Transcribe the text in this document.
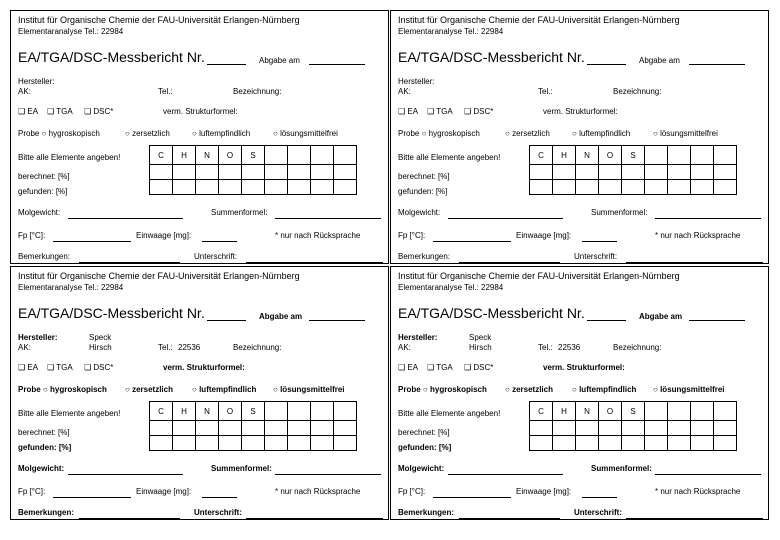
Institut für Organische Chemie der FAU-Universität Erlangen-Nürnberg
Elementaranalyse Tel.: 22984
EA/TGA/DSC-Messbericht Nr.	Abgabe am
Hersteller:
AK:	Tel.:	Bezeichnung:
❑ EA ❑ TGA ❑ DSC*	verm. Strukturformel:
Probe ○ hygroskopisch	○ zersetzlich	○ luftempfindlich	○ lösungsmittelfrei
Bitte alle Elemente angeben!	C	H	N	O	S				

berechnet: [%]
gefunden: [%]
Molgewicht:	Summenformel:
Fp [°C]:	Einwaage [mg]:	* nur nach Rücksprache
Bemerkungen:	Unterschrift:
Institut für Organische Chemie der FAU-Universität Erlangen-Nürnberg
Elementaranalyse Tel.: 22984
EA/TGA/DSC-Messbericht Nr.	Abgabe am
Hersteller:
AK:	Tel.:	Bezeichnung:
❑ EA ❑ TGA ❑ DSC*	verm. Strukturformel:
Probe ○ hygroskopisch	○ zersetzlich	○ luftempfindlich	○ lösungsmittelfrei
Bitte alle Elemente angeben!	C	H	N	O	S				

berechnet: [%]
gefunden: [%]
Molgewicht:	Summenformel:
Fp [°C]:	Einwaage [mg]:	* nur nach Rücksprache
Bemerkungen:	Unterschrift:
Institut für Organische Chemie der FAU-Universität Erlangen-Nürnberg
Elementaranalyse Tel.: 22984
EA/TGA/DSC-Messbericht Nr.	Abgabe am
Hersteller:	Speck
AK:	Hirsch	Tel.: 22536	Bezeichnung:
❑ EA ❑ TGA ❑ DSC*	verm. Strukturformel:
Probe ○ hygroskopisch ○ zersetzlich ○ luftempfindlich ○ lösungsmittelfrei
Bitte alle Elemente angeben!	C	H	N	O	S				

berechnet: [%]
gefunden: [%]
Molgewicht:	Summenformel:
Fp [°C]:	Einwaage [mg]:	* nur nach Rücksprache
Bemerkungen:	Unterschrift:
Institut für Organische Chemie der FAU-Universität Erlangen-Nürnberg
Elementaranalyse Tel.: 22984
EA/TGA/DSC-Messbericht Nr.	Abgabe am
Hersteller:	Speck
AK:	Hirsch	Tel.: 22536	Bezeichnung:
❑ EA ❑ TGA ❑ DSC*	verm. Strukturformel:
Probe ○ hygroskopisch ○ zersetzlich ○ luftempfindlich ○ lösungsmittelfrei
Bitte alle Elemente angeben!	C	H	N	O	S				

berechnet: [%]
gefunden: [%]
Molgewicht:	Summenformel:
Fp [°C]:	Einwaage [mg]:	* nur nach Rücksprache
Bemerkungen:	Unterschrift:
